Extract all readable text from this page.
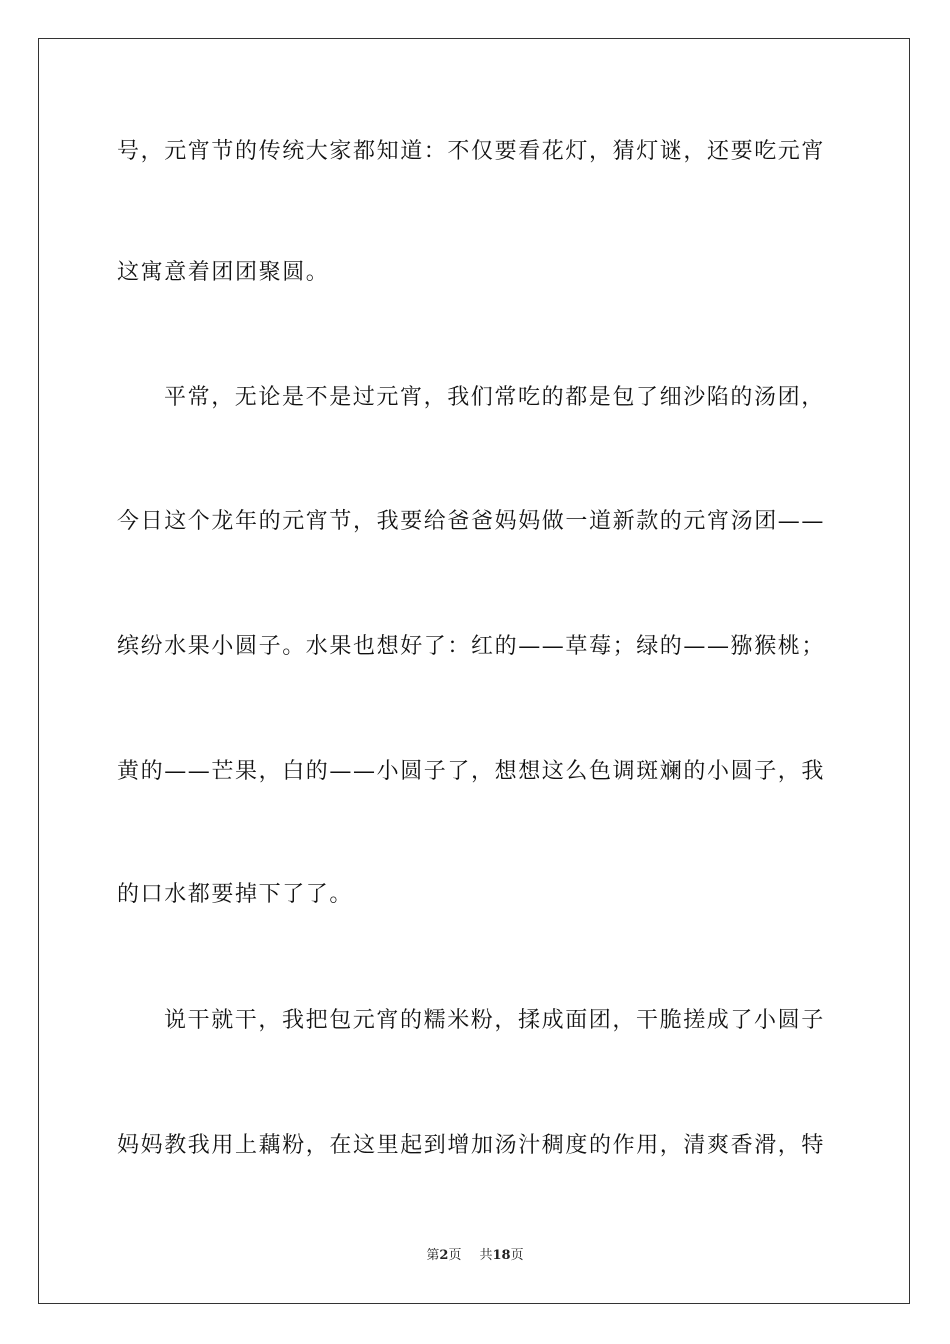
号，元宵节的传统大家都知道：不仅要看花灯，猜灯谜，还要吃元宵
这寓意着团团聚圆。
平常，无论是不是过元宵，我们常吃的都是包了细沙陷的汤团，
今日这个龙年的元宵节，我要给爸爸妈妈做一道新款的元宵汤团——
缤纷水果小圆子。水果也想好了：红的——草莓；绿的——猕猴桃；
黄的——芒果，白的——小圆子了，想想这么色调斑斓的小圆子，我
的口水都要掉下了了。
说干就干，我把包元宵的糯米粉，揉成面团，干脆搓成了小圆子
妈妈教我用上藕粉，在这里起到增加汤汁稠度的作用，清爽香滑，特
第2页 共18页
